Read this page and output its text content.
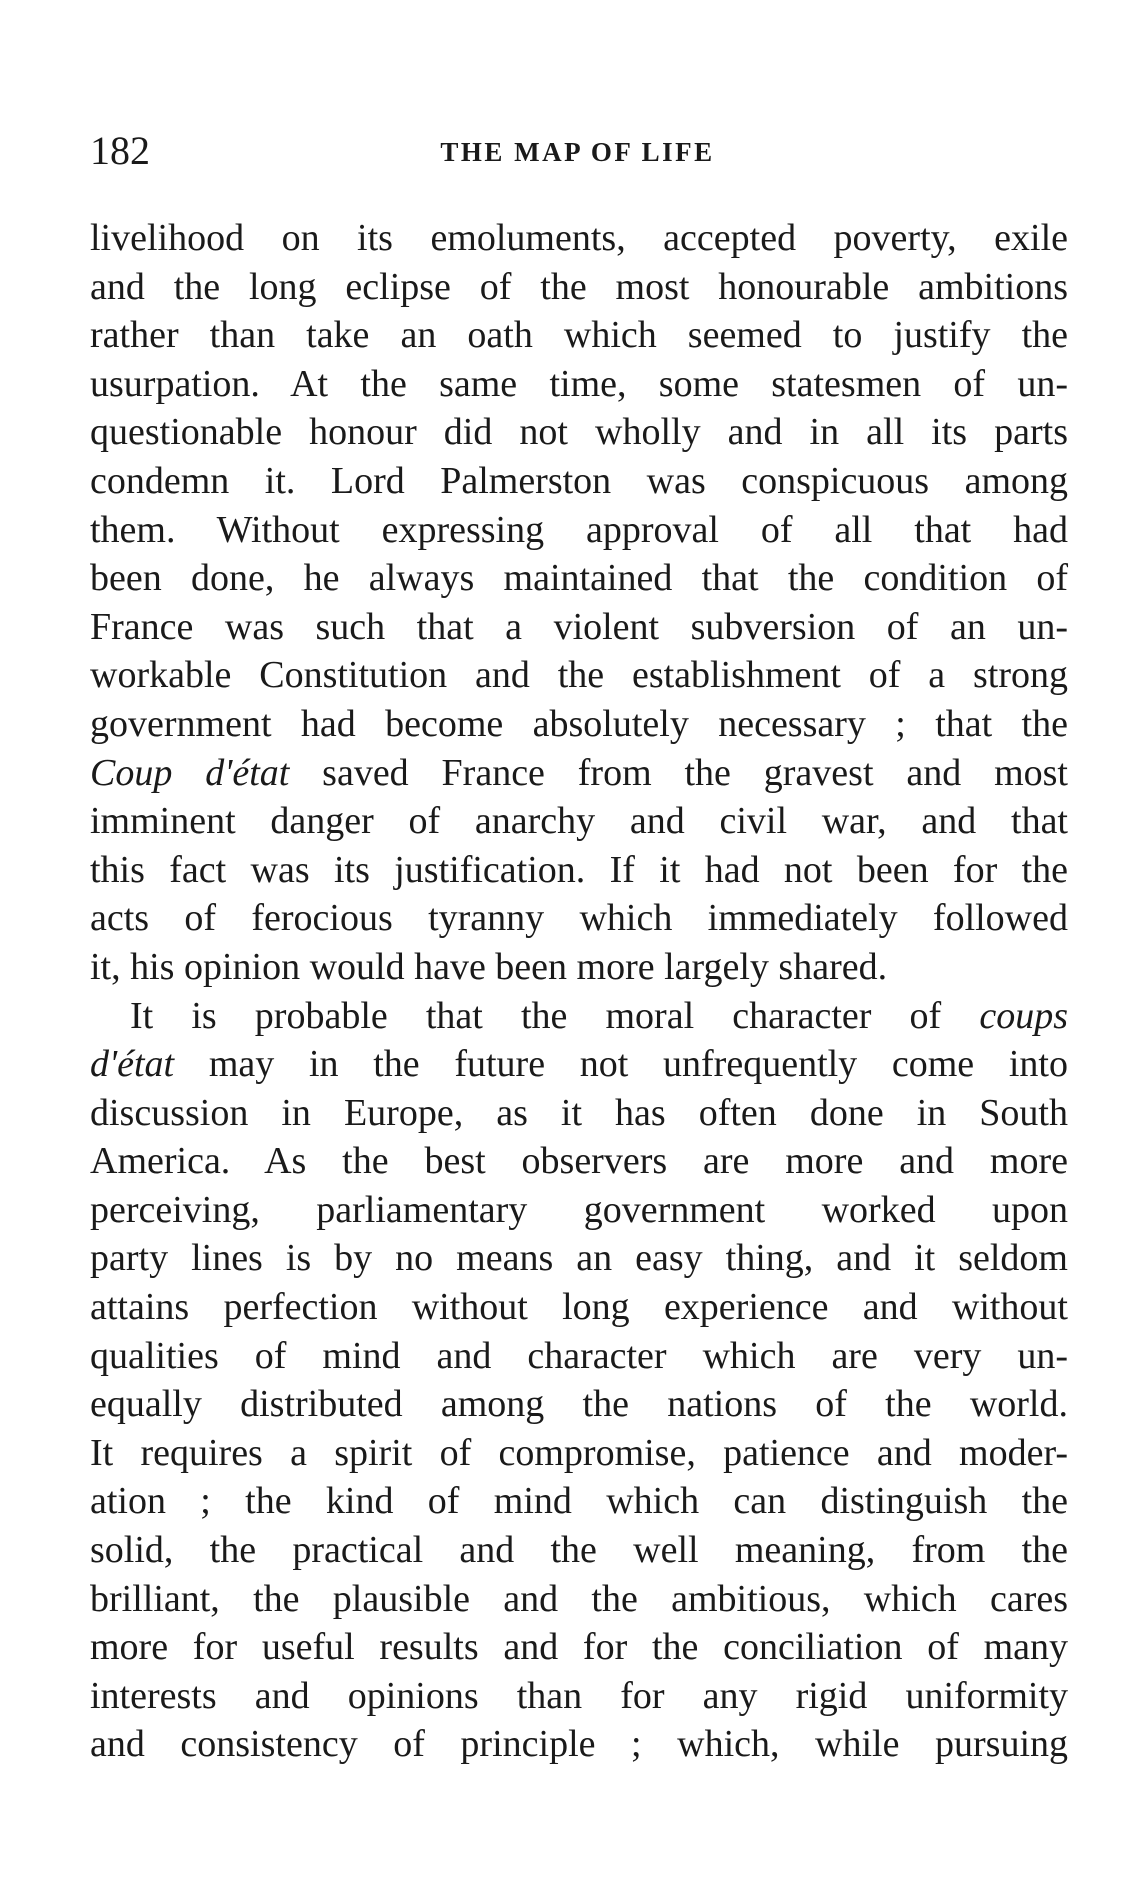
182	THE MAP OF LIFE
livelihood on its emoluments, accepted poverty, exile
and the long eclipse of the most honourable ambitions
rather than take an oath which seemed to justify the
usurpation. At the same time, some statesmen of un-
questionable honour did not wholly and in all its parts
condemn it. Lord Palmerston was conspicuous among
them. Without expressing approval of all that had
been done, he always maintained that the condition of
France was such that a violent subversion of an un-
workable Constitution and the establishment of a strong
government had become absolutely necessary ; that the
Coup d'état saved France from the gravest and most
imminent danger of anarchy and civil war, and that
this fact was its justification. If it had not been for the
acts of ferocious tyranny which immediately followed
it, his opinion would have been more largely shared.
It is probable that the moral character of coups
d'état may in the future not unfrequently come into
discussion in Europe, as it has often done in South
America. As the best observers are more and more
perceiving, parliamentary government worked upon
party lines is by no means an easy thing, and it seldom
attains perfection without long experience and without
qualities of mind and character which are very un-
equally distributed among the nations of the world.
It requires a spirit of compromise, patience and moder-
ation ; the kind of mind which can distinguish the
solid, the practical and the well meaning, from the
brilliant, the plausible and the ambitious, which cares
more for useful results and for the conciliation of many
interests and opinions than for any rigid uniformity
and consistency of principle ; which, while pursuing
